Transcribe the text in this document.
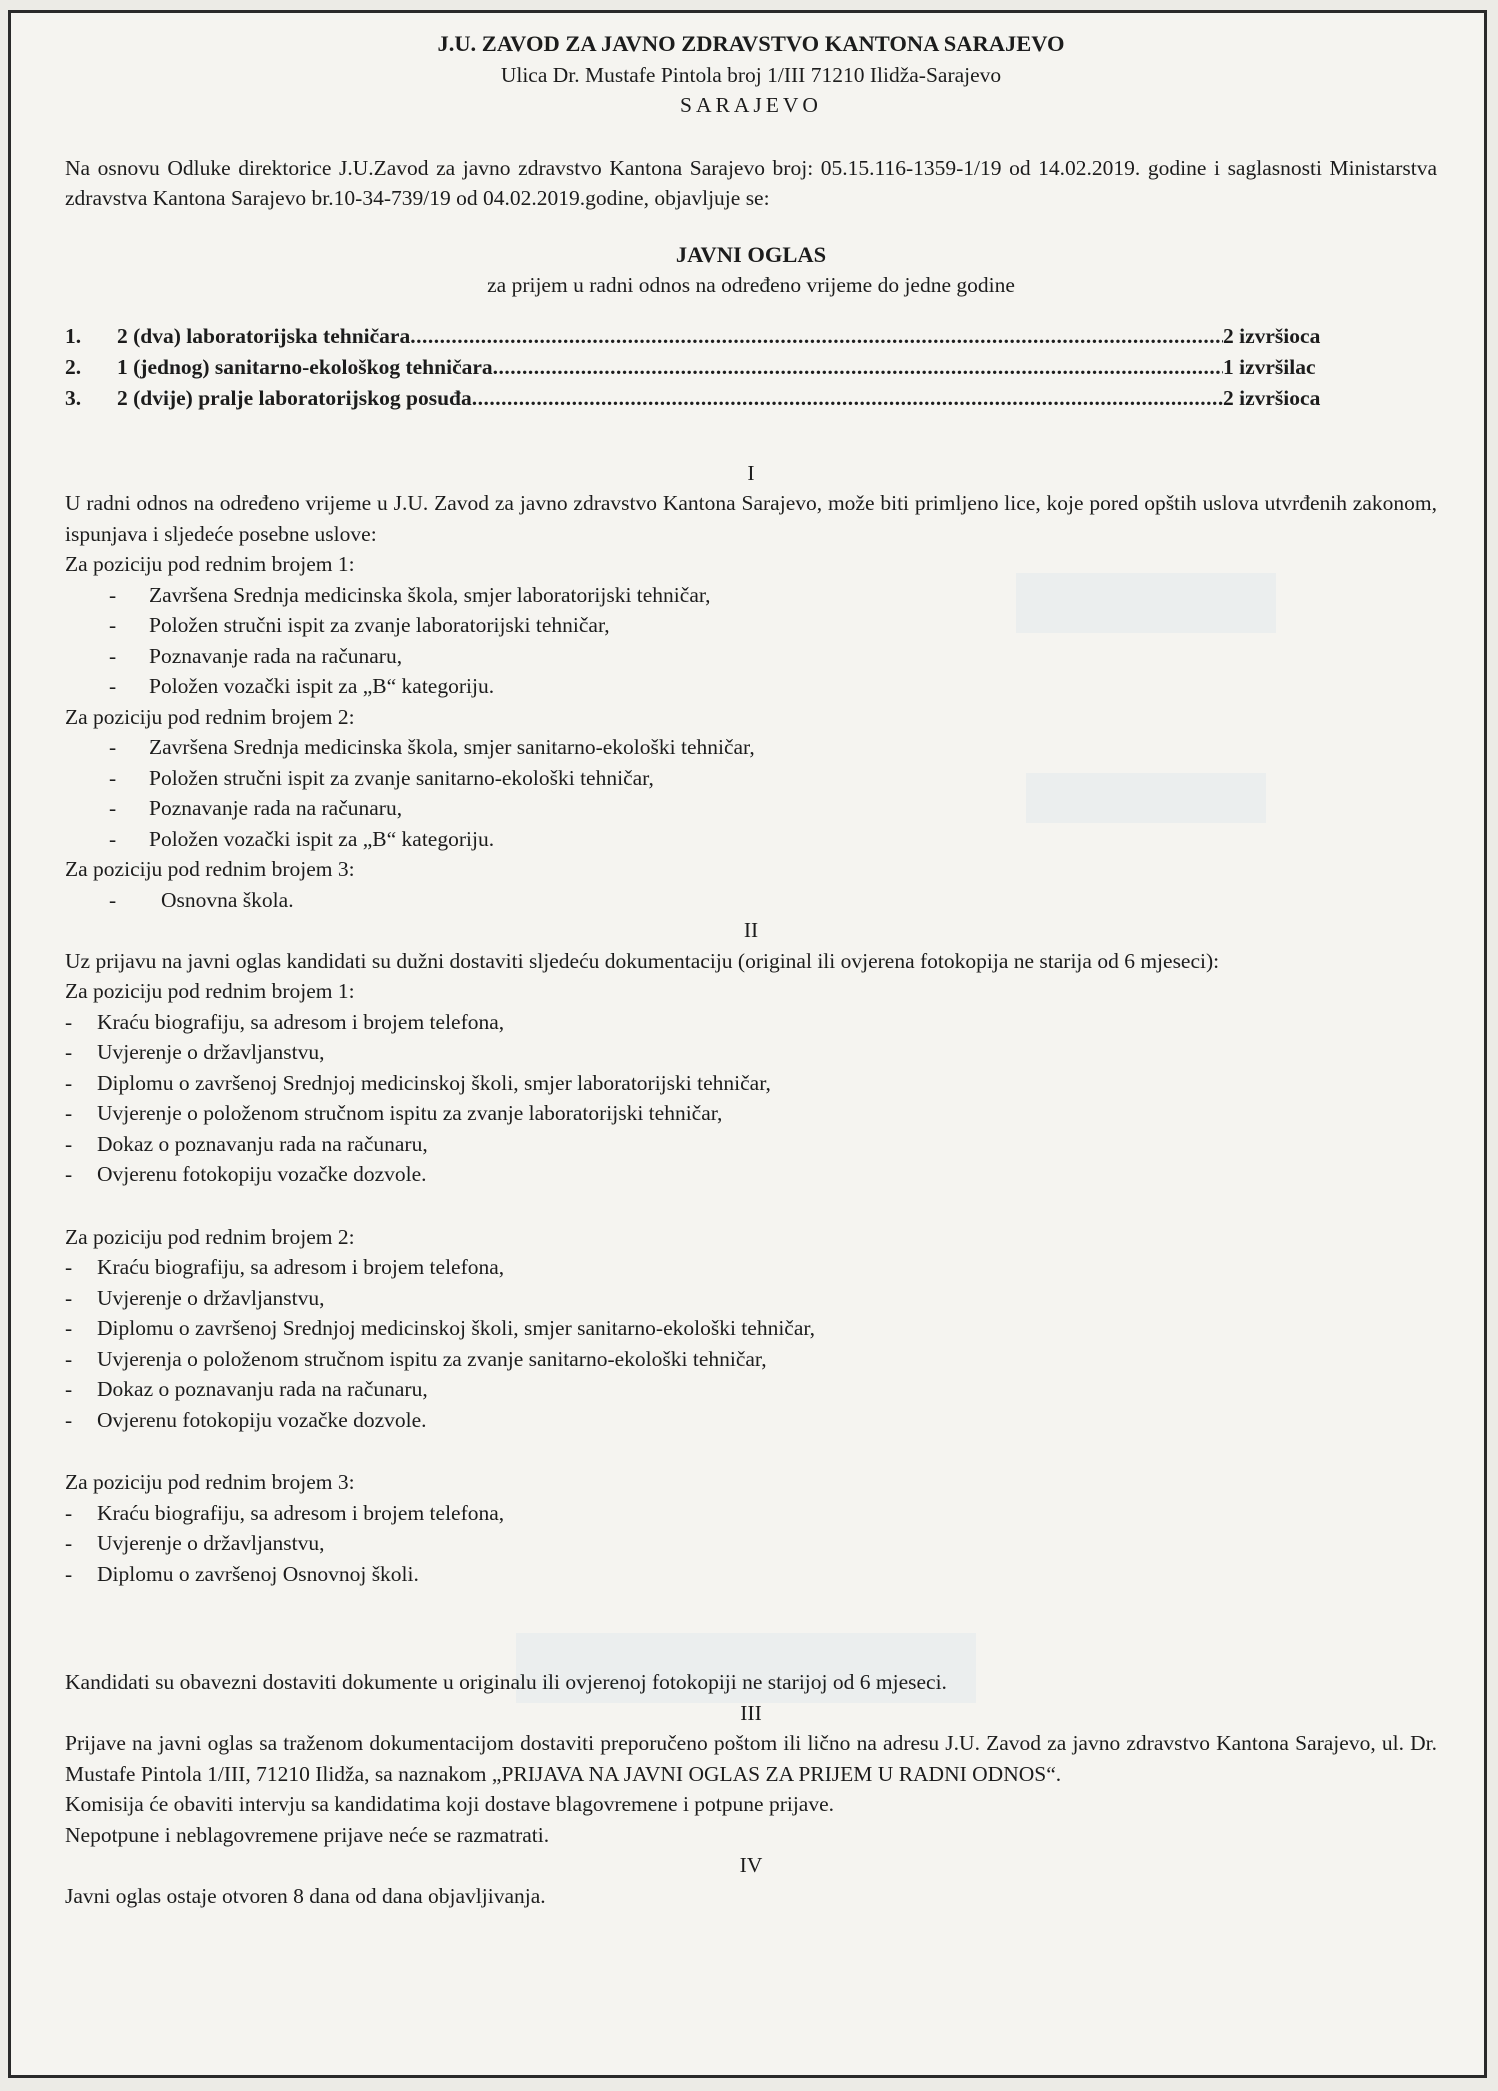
J.U. ZAVOD ZA JAVNO ZDRAVSTVO KANTONA SARAJEVO
Ulica Dr. Mustafe Pintola broj 1/III 71210 Ilidža-Sarajevo
SARAJEVO
Na osnovu Odluke direktorice J.U.Zavod za javno zdravstvo Kantona Sarajevo broj: 05.15.116-1359-1/19 od 14.02.2019. godine i saglasnosti Ministarstva zdravstva Kantona Sarajevo br.10-34-739/19 od 04.02.2019.godine, objavljuje se:
JAVNI OGLAS
za prijem u radni odnos na određeno vrijeme do jedne godine
1.	2 (dva) laboratorijska tehničara .....	2 izvršioca
2.	1 (jednog) sanitarno-ekološkog tehničara .....	1 izvršilac
3.	2 (dvije) pralje laboratorijskog posuđa .....	2 izvršioca
I
U radni odnos na određeno vrijeme u J.U. Zavod za javno zdravstvo Kantona Sarajevo, može biti primljeno lice, koje pored opštih uslova utvrđenih zakonom, ispunjava i sljedeće posebne uslove:
Za poziciju pod rednim brojem 1:
-	Završena Srednja medicinska škola, smjer laboratorijski tehničar,
-	Položen stručni ispit za zvanje laboratorijski tehničar,
-	Poznavanje rada na računaru,
-	Položen vozački ispit za „B“ kategoriju.
Za poziciju pod rednim brojem 2:
-	Završena Srednja medicinska škola, smjer sanitarno-ekološki tehničar,
-	Položen stručni ispit za zvanje sanitarno-ekološki tehničar,
-	Poznavanje rada na računaru,
-	Položen vozački ispit za „B“ kategoriju.
Za poziciju pod rednim brojem 3:
-	Osnovna škola.
II
Uz prijavu na javni oglas kandidati su dužni dostaviti sljedeću dokumentaciju (original ili ovjerena fotokopija ne starija od 6 mjeseci):
Za poziciju pod rednim brojem 1:
-	Kraću biografiju, sa adresom i brojem telefona,
-	Uvjerenje o državljanstvu,
-	Diplomu o završenoj Srednjoj medicinskoj školi, smjer laboratorijski tehničar,
-	Uvjerenje o položenom stručnom ispitu za zvanje laboratorijski tehničar,
-	Dokaz o poznavanju rada na računaru,
-	Ovjerenu fotokopiju vozačke dozvole.
Za poziciju pod rednim brojem 2:
-	Kraću biografiju, sa adresom i brojem telefona,
-	Uvjerenje o državljanstvu,
-	Diplomu o završenoj Srednjoj medicinskoj školi, smjer sanitarno-ekološki tehničar,
-	Uvjerenja o položenom stručnom ispitu za zvanje sanitarno-ekološki tehničar,
-	Dokaz o poznavanju rada na računaru,
-	Ovjerenu fotokopiju vozačke dozvole.
Za poziciju pod rednim brojem 3:
-	Kraću biografiju, sa adresom i brojem telefona,
-	Uvjerenje o državljanstvu,
-	Diplomu o završenoj Osnovnoj školi.
Kandidati su obavezni dostaviti dokumente u originalu ili ovjerenoj fotokopiji ne starijoj od 6 mjeseci.
III
Prijave na javni oglas sa traženom dokumentacijom dostaviti preporučeno poštom ili lično na adresu J.U. Zavod za javno zdravstvo Kantona Sarajevo, ul. Dr. Mustafe Pintola 1/III, 71210 Ilidža, sa naznakom „PRIJAVA NA JAVNI OGLAS ZA PRIJEM U RADNI ODNOS“.
Komisija će obaviti intervju sa kandidatima koji dostave blagovremene i potpune prijave.
Nepotpune i neblagovremene prijave neće se razmatrati.
IV
Javni oglas ostaje otvoren 8 dana od dana objavljivanja.
